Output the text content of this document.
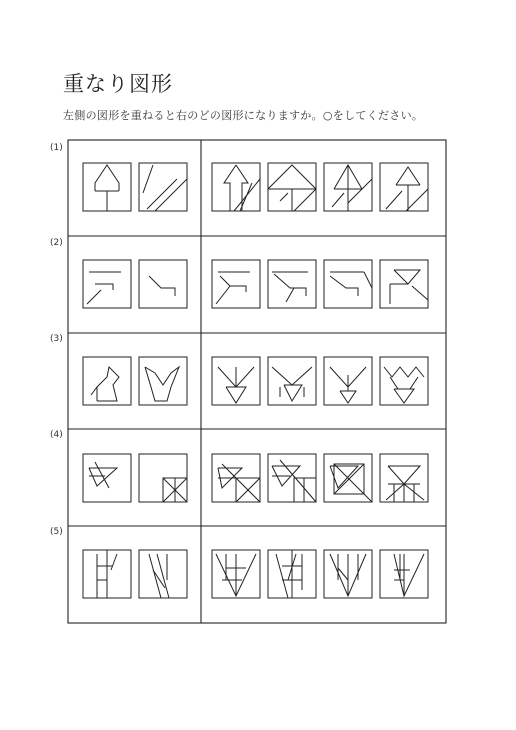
重なり図形
左側の図形を重ねると右のどの図形になりますか。○をしてください。
(1)
(2)
(3)
(4)
(5)
